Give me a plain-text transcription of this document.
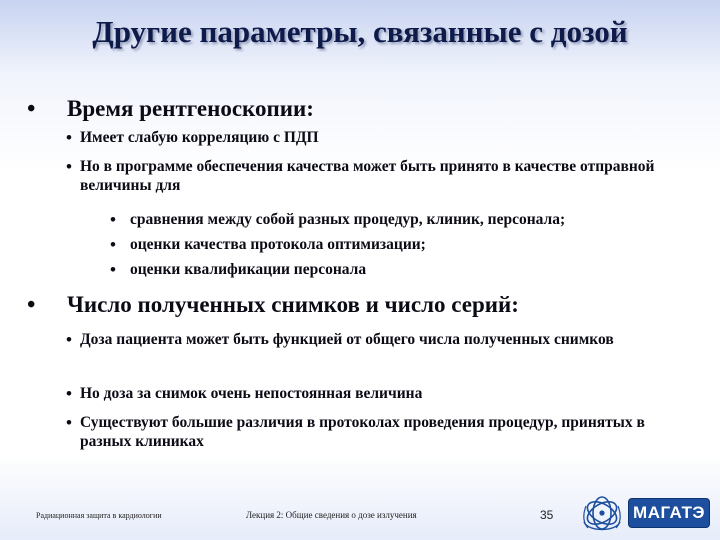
Другие параметры, связанные с дозой
• Время рентгеноскопии:
• Имеет слабую корреляцию с ПДП
• Но в программе обеспечения качества может быть принято в качестве отправной величины для
• сравнения между собой разных процедур, клиник, персонала;
• оценки качества протокола оптимизации;
• оценки квалификации персонала
• Число полученных снимков и число серий:
• Доза пациента может быть функцией от общего числа полученных снимков
• Но доза за снимок очень непостоянная величина
• Существуют большие различия в протоколах проведения процедур, принятых в разных клиниках
Радиационная защита в кардиологии	Лекция 2: Общие сведения о дозе излучения	35	МАГАТЭ
